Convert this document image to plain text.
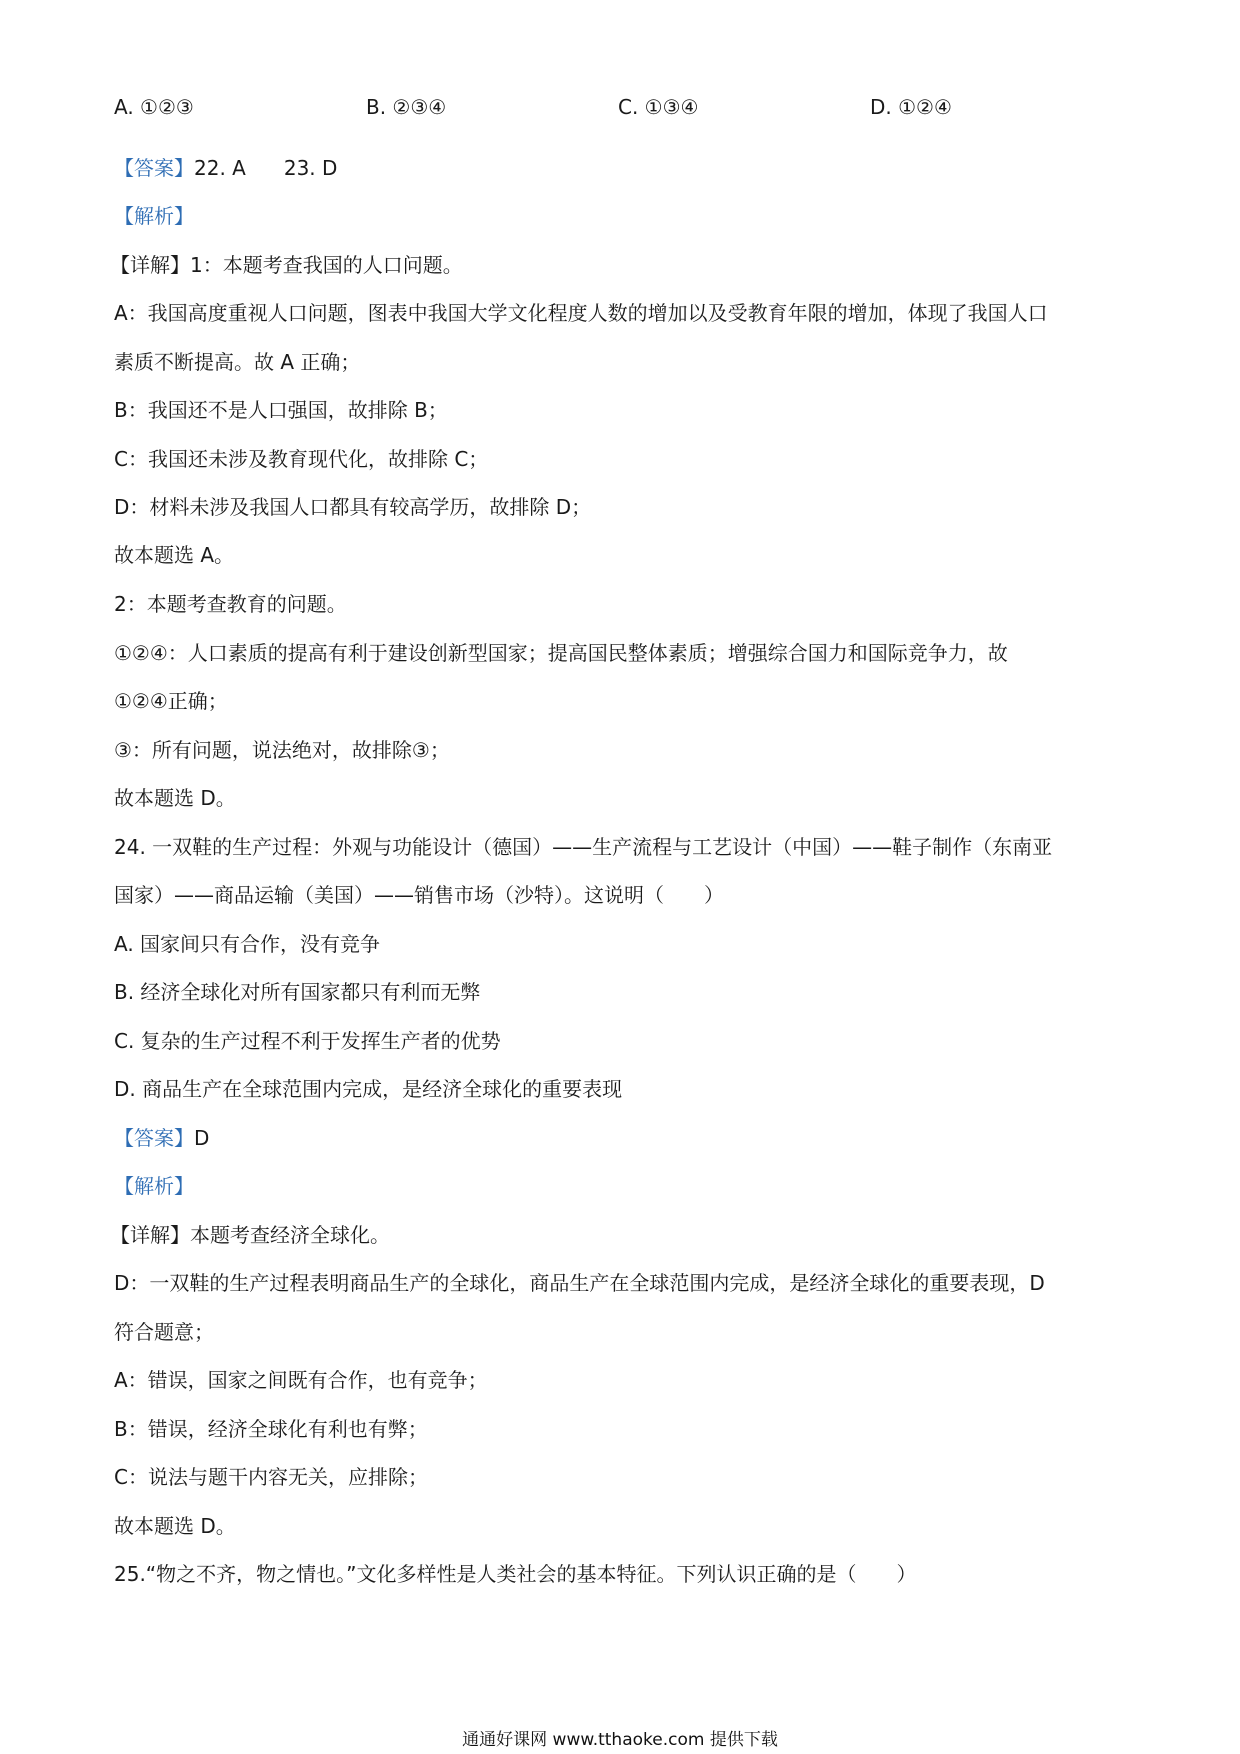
A. ①②③	B. ②③④	C. ①③④	D. ①②④
【答案】22. A 23. D
【解析】
【详解】1：本题考查我国的人口问题。
A：我国高度重视人口问题，图表中我国大学文化程度人数的增加以及受教育年限的增加，体现了我国人口
素质不断提高。故 A 正确；
B：我国还不是人口强国，故排除 B；
C：我国还未涉及教育现代化，故排除 C；
D：材料未涉及我国人口都具有较高学历，故排除 D；
故本题选 A。
2：本题考查教育的问题。
①②④：人口素质的提高有利于建设创新型国家；提高国民整体素质；增强综合国力和国际竞争力，故
①②④正确；
③：所有问题，说法绝对，故排除③；
故本题选 D。
24. 一双鞋的生产过程：外观与功能设计（德国）——生产流程与工艺设计（中国）——鞋子制作（东南亚
国家）——商品运输（美国）——销售市场（沙特）。这说明（　　）
A. 国家间只有合作，没有竞争
B. 经济全球化对所有国家都只有利而无弊
C. 复杂的生产过程不利于发挥生产者的优势
D. 商品生产在全球范围内完成，是经济全球化的重要表现
【答案】D
【解析】
【详解】本题考查经济全球化。
D：一双鞋的生产过程表明商品生产的全球化，商品生产在全球范围内完成，是经济全球化的重要表现，D
符合题意；
A：错误，国家之间既有合作，也有竞争；
B：错误，经济全球化有利也有弊；
C：说法与题干内容无关，应排除；
故本题选 D。
25.“物之不齐，物之情也。”文化多样性是人类社会的基本特征。下列认识正确的是（　　）
通通好课网 www.tthaoke.com 提供下载
